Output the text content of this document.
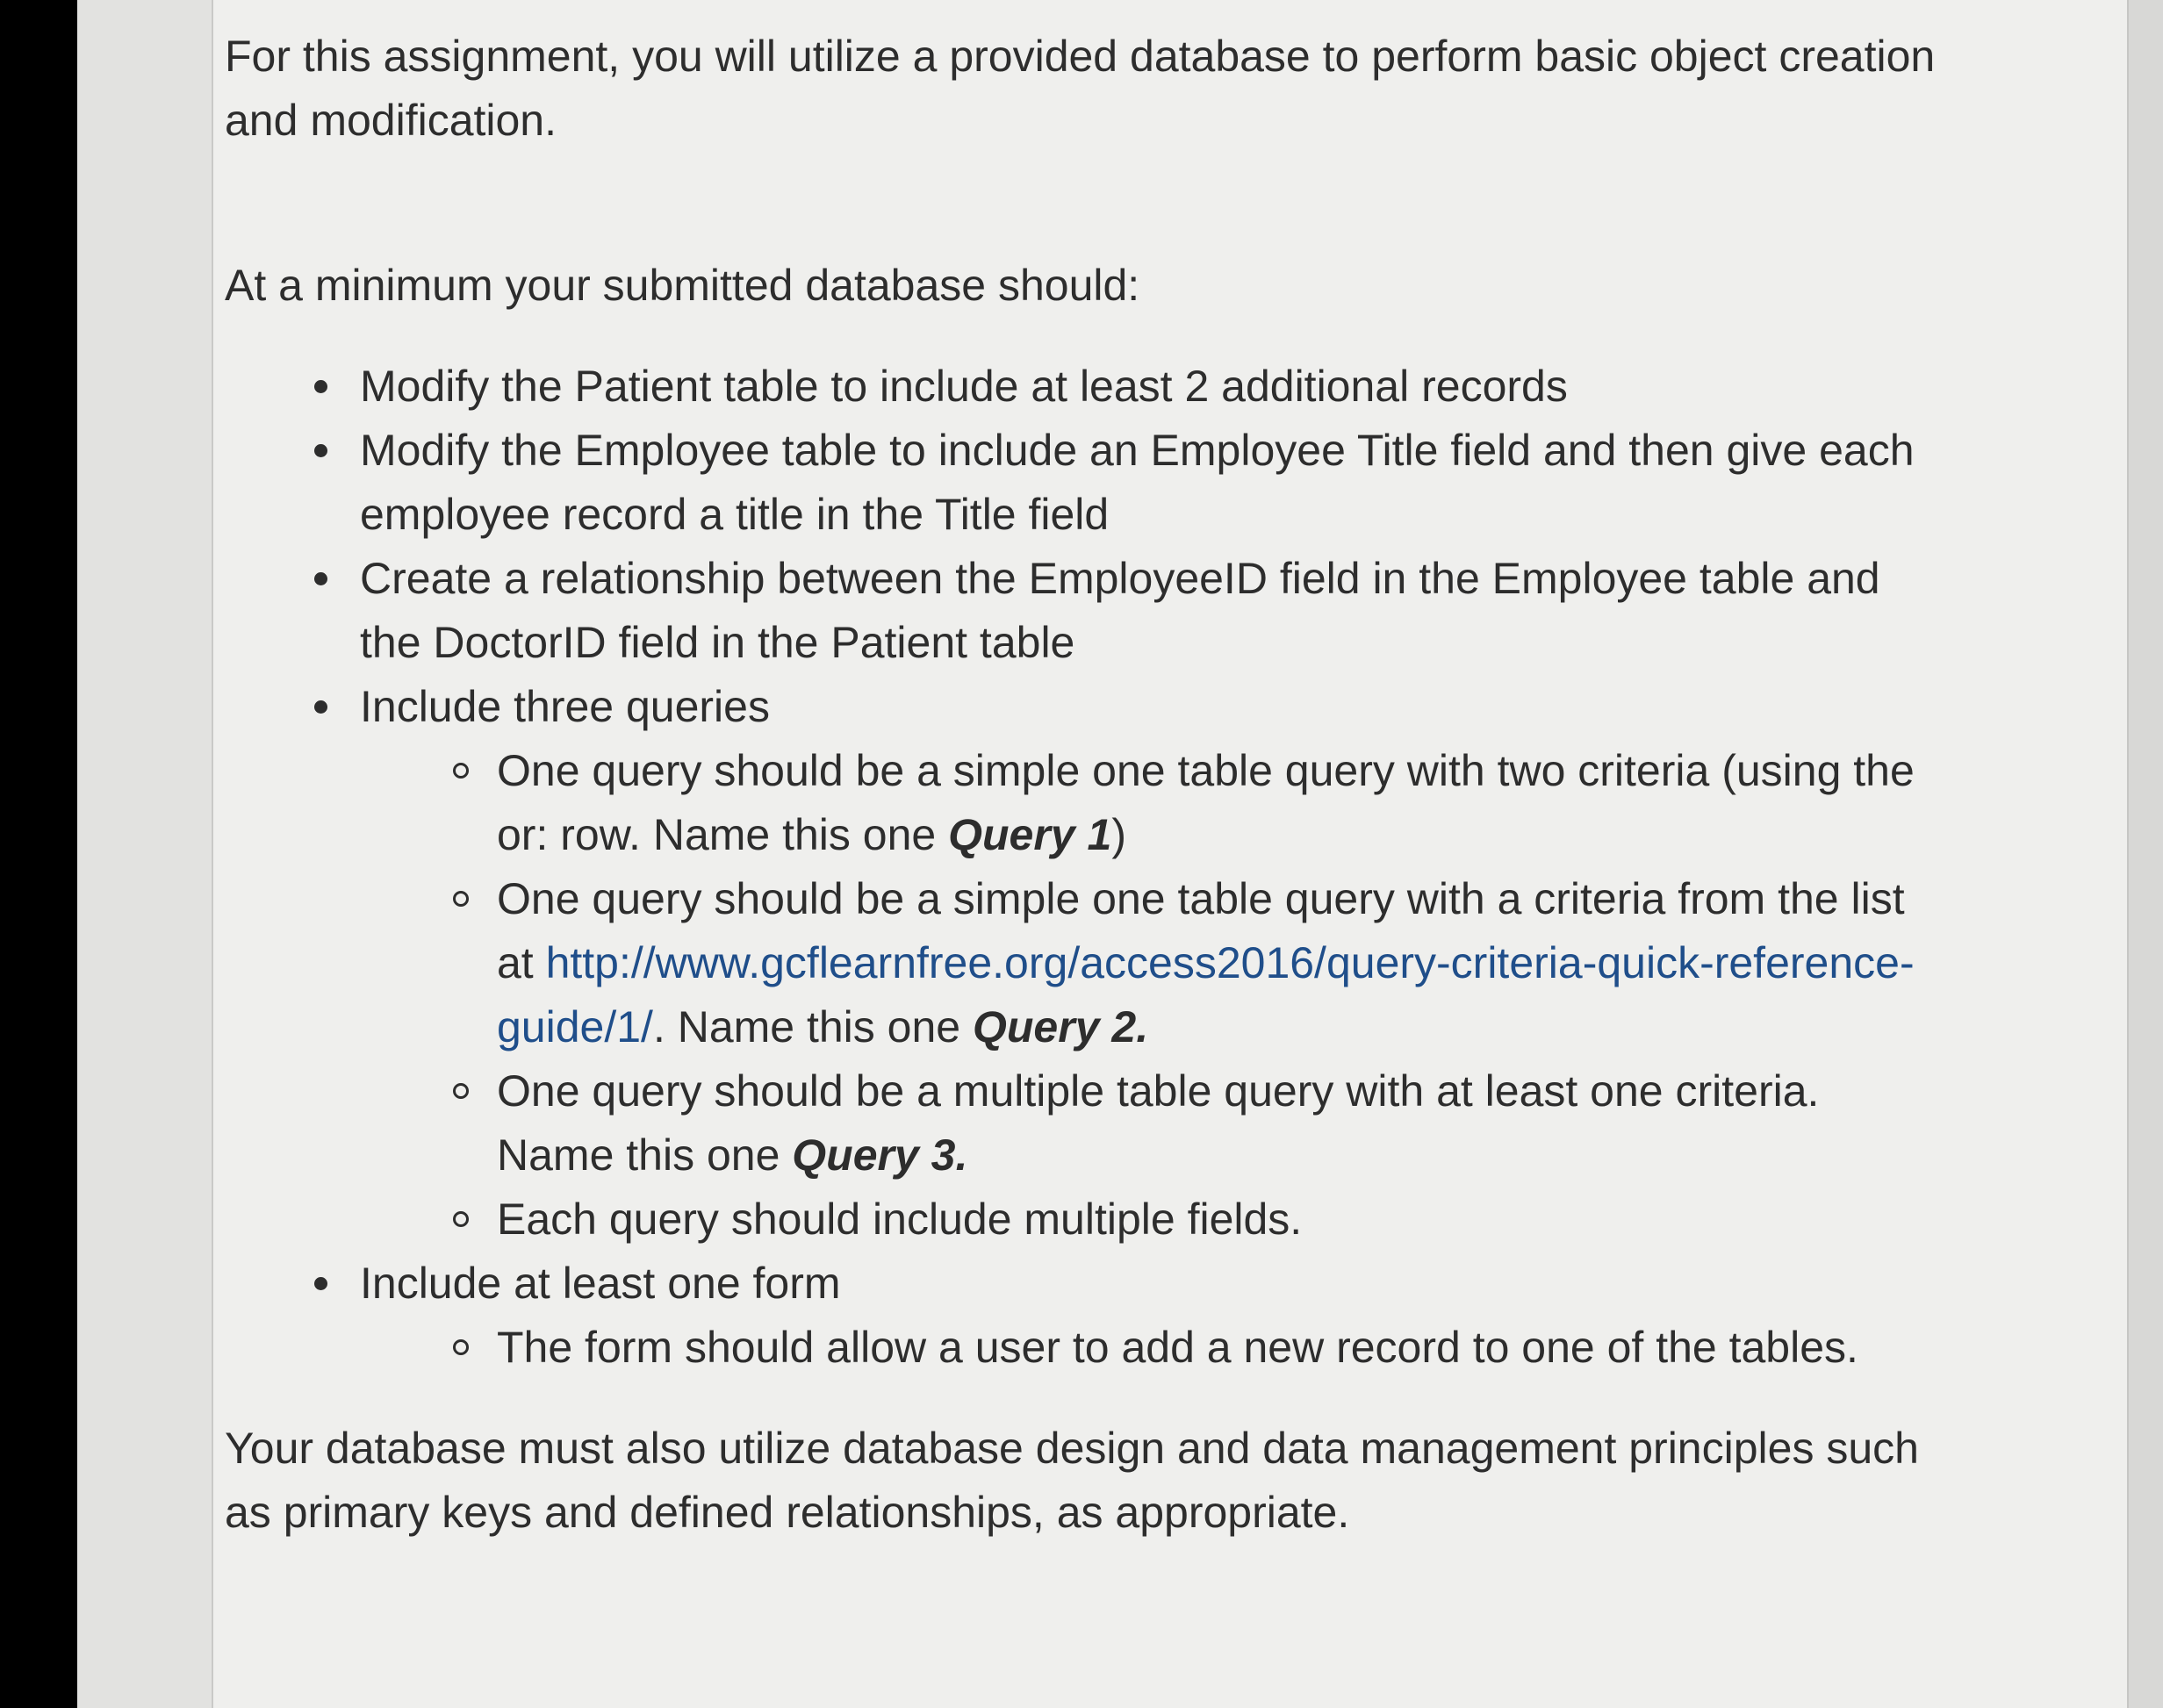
For this assignment, you will utilize a provided database to perform basic object creation and modification.

At a minimum your submitted database should:

Modify the Patient table to include at least 2 additional records
Modify the Employee table to include an Employee Title field and then give each employee record a title in the Title field
Create a relationship between the EmployeeID field in the Employee table and the DoctorID field in the Patient table
Include three queries
One query should be a simple one table query with two criteria (using the or: row. Name this one Query 1)
One query should be a simple one table query with a criteria from the list at http://www.gcflearnfree.org/access2016/query-criteria-quick-reference-guide/1/. Name this one Query 2.
One query should be a multiple table query with at least one criteria. Name this one Query 3.
Each query should include multiple fields.
Include at least one form
The form should allow a user to add a new record to one of the tables.

Your database must also utilize database design and data management principles such as primary keys and defined relationships, as appropriate.
